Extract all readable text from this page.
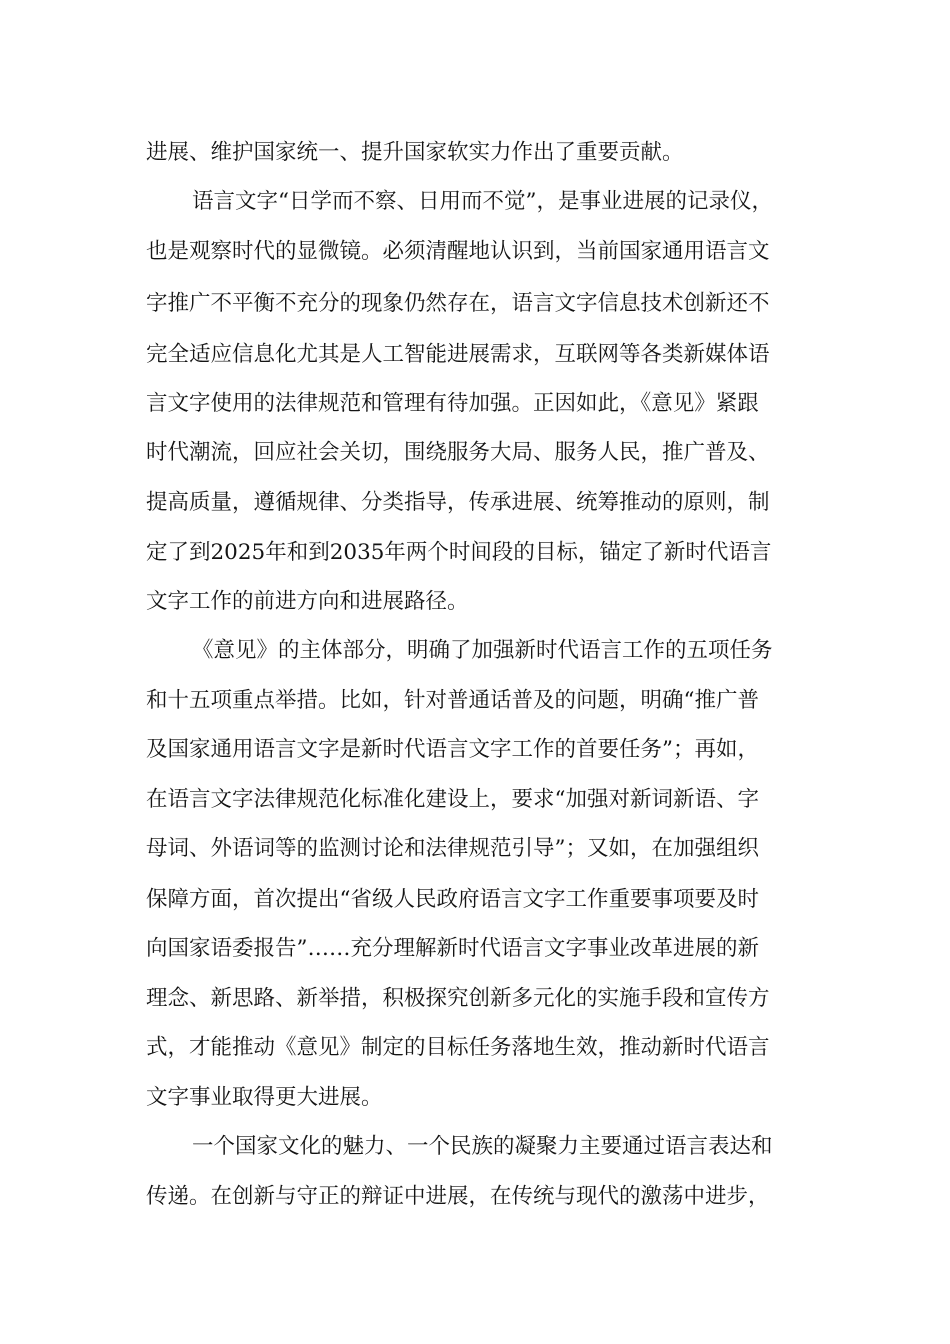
进展、维护国家统一、提升国家软实力作出了重要贡献。
语言文字“日学而不察、日用而不觉”，是事业进展的记录仪，
也是观察时代的显微镜。必须清醒地认识到，当前国家通用语言文
字推广不平衡不充分的现象仍然存在，语言文字信息技术创新还不
完全适应信息化尤其是人工智能进展需求，互联网等各类新媒体语
言文字使用的法律规范和管理有待加强。正因如此，《意见》紧跟
时代潮流，回应社会关切，围绕服务大局、服务人民，推广普及、
提高质量，遵循规律、分类指导，传承进展、统筹推动的原则，制
定了到2025年和到2035年两个时间段的目标，锚定了新时代语言
文字工作的前进方向和进展路径。
《意见》的主体部分，明确了加强新时代语言工作的五项任务
和十五项重点举措。比如，针对普通话普及的问题，明确“推广普
及国家通用语言文字是新时代语言文字工作的首要任务”；再如，
在语言文字法律规范化标准化建设上，要求“加强对新词新语、字
母词、外语词等的监测讨论和法律规范引导”；又如，在加强组织
保障方面，首次提出“省级人民政府语言文字工作重要事项要及时
向国家语委报告”……充分理解新时代语言文字事业改革进展的新
理念、新思路、新举措，积极探究创新多元化的实施手段和宣传方
式，才能推动《意见》制定的目标任务落地生效，推动新时代语言
文字事业取得更大进展。
一个国家文化的魅力、一个民族的凝聚力主要通过语言表达和
传递。在创新与守正的辩证中进展，在传统与现代的激荡中进步，
